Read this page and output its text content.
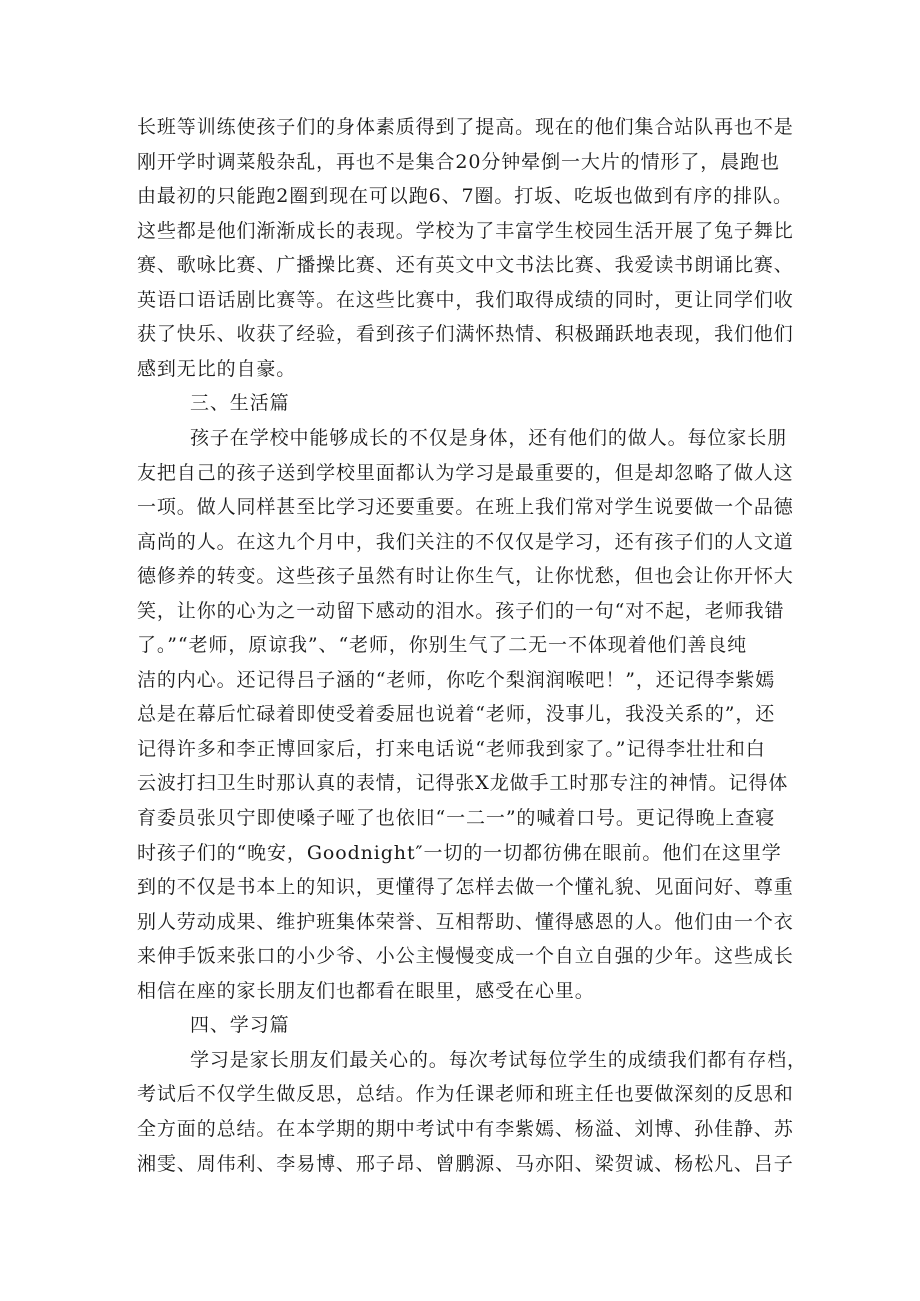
长班等训练使孩子们的身体素质得到了提高。现在的他们集合站队再也不是
刚开学时调菜般杂乱，再也不是集合20分钟晕倒一大片的情形了，晨跑也
由最初的只能跑2圈到现在可以跑6、7圈。打坂、吃坂也做到有序的排队。
这些都是他们渐渐成长的表现。学校为了丰富学生校园生活开展了兔子舞比
赛、歌咏比赛、广播操比赛、还有英文中文书法比赛、我爱读书朗诵比赛、
英语口语话剧比赛等。在这些比赛中，我们取得成绩的同时，更让同学们收
获了快乐、收获了经验，看到孩子们满怀热情、积极踊跃地表现，我们他们
感到无比的自豪。
三、生活篇
孩子在学校中能够成长的不仅是身体，还有他们的做人。每位家长朋
友把自己的孩子送到学校里面都认为学习是最重要的，但是却忽略了做人这
一项。做人同样甚至比学习还要重要。在班上我们常对学生说要做一个品德
高尚的人。在这九个月中，我们关注的不仅仅是学习，还有孩子们的人文道
德修养的转变。这些孩子虽然有时让你生气，让你忧愁，但也会让你开怀大
笑，让你的心为之一动留下感动的泪水。孩子们的一句“对不起，老师我错
了。”“老师，原谅我”、“老师，你别生气了二无一不体现着他们善良纯
洁的内心。还记得吕子涵的“老师，你吃个梨润润喉吧！”，还记得李紫嫣
总是在幕后忙碌着即使受着委屈也说着“老师，没事儿，我没关系的”，还
记得许多和李正博回家后，打来电话说“老师我到家了。”记得李壮壮和白
云波打扫卫生时那认真的表情，记得张X龙做手工时那专注的神情。记得体
育委员张贝宁即使嗓子哑了也依旧“一二一”的喊着口号。更记得晚上查寝
时孩子们的“晚安，Goodnight″一切的一切都彷佛在眼前。他们在这里学
到的不仅是书本上的知识，更懂得了怎样去做一个懂礼貌、见面问好、尊重
别人劳动成果、维护班集体荣誉、互相帮助、懂得感恩的人。他们由一个衣
来伸手饭来张口的小少爷、小公主慢慢变成一个自立自强的少年。这些成长
相信在座的家长朋友们也都看在眼里，感受在心里。
四、学习篇
学习是家长朋友们最关心的。每次考试每位学生的成绩我们都有存档，
考试后不仅学生做反思，总结。作为任课老师和班主任也要做深刻的反思和
全方面的总结。在本学期的期中考试中有李紫嫣、杨溢、刘博、孙佳静、苏
湘雯、周伟利、李易博、邢子昂、曾鹏源、马亦阳、梁贺诚、杨松凡、吕子
